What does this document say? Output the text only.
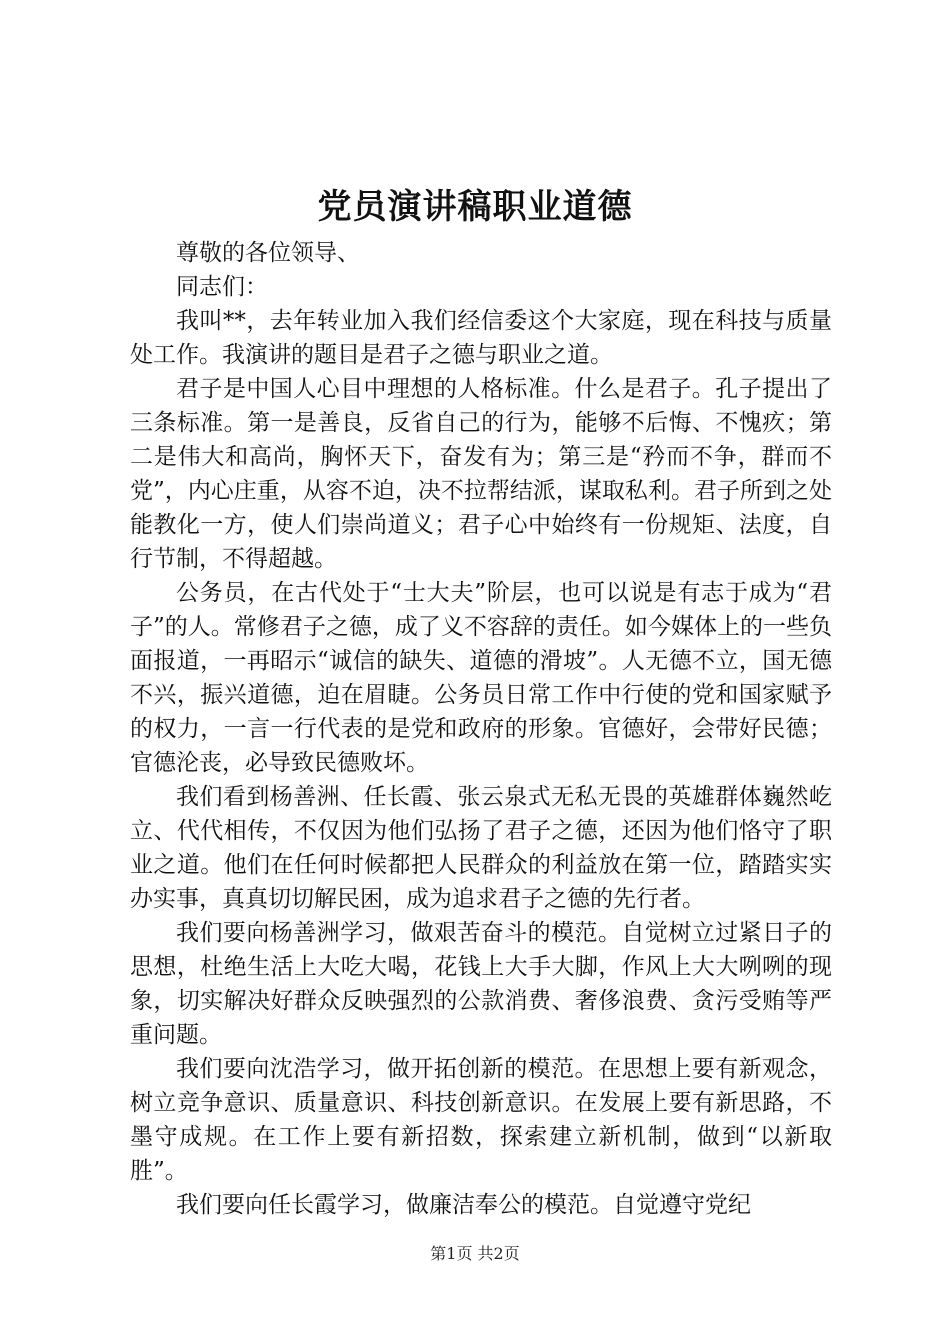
党员演讲稿职业道德

尊敬的各位领导、

同志们：

我叫**，去年转业加入我们经信委这个大家庭，现在科技与质量处工作。我演讲的题目是君子之德与职业之道。

君子是中国人心目中理想的人格标准。什么是君子。孔子提出了三条标准。第一是善良，反省自己的行为，能够不后悔、不愧疚；第二是伟大和高尚，胸怀天下，奋发有为；第三是“矜而不争，群而不党”，内心庄重，从容不迫，决不拉帮结派，谋取私利。君子所到之处能教化一方，使人们崇尚道义；君子心中始终有一份规矩、法度，自行节制，不得超越。

公务员，在古代处于“士大夫”阶层，也可以说是有志于成为“君子”的人。常修君子之德，成了义不容辞的责任。如今媒体上的一些负面报道，一再昭示“诚信的缺失、道德的滑坡”。人无德不立，国无德不兴，振兴道德，迫在眉睫。公务员日常工作中行使的党和国家赋予的权力，一言一行代表的是党和政府的形象。官德好，会带好民德；官德沦丧，必导致民德败坏。

我们看到杨善洲、任长霞、张云泉式无私无畏的英雄群体巍然屹立、代代相传，不仅因为他们弘扬了君子之德，还因为他们恪守了职业之道。他们在任何时候都把人民群众的利益放在第一位，踏踏实实办实事，真真切切解民困，成为追求君子之德的先行者。

我们要向杨善洲学习，做艰苦奋斗的模范。自觉树立过紧日子的思想，杜绝生活上大吃大喝，花钱上大手大脚，作风上大大咧咧的现象，切实解决好群众反映强烈的公款消费、奢侈浪费、贪污受贿等严重问题。

我们要向沈浩学习，做开拓创新的模范。在思想上要有新观念，树立竞争意识、质量意识、科技创新意识。在发展上要有新思路，不墨守成规。在工作上要有新招数，探索建立新机制，做到“以新取胜”。

我们要向任长霞学习，做廉洁奉公的模范。自觉遵守党纪

第1页 共2页
